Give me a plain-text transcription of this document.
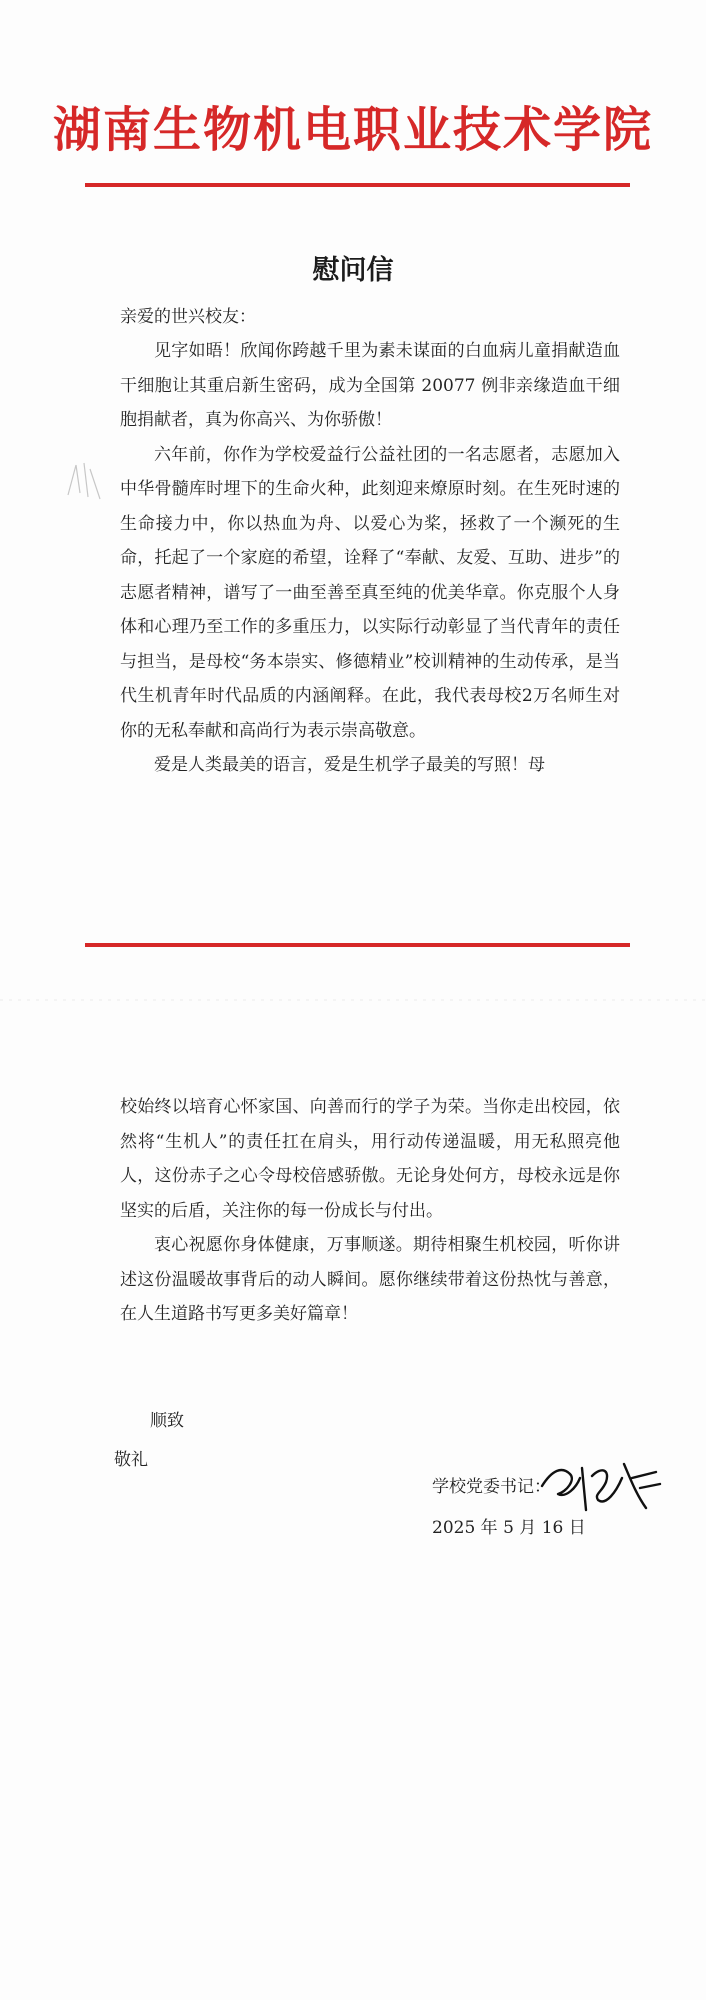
湖南生物机电职业技术学院
慰问信
亲爱的世兴校友：

见字如晤！欣闻你跨越千里为素未谋面的白血病儿童捐献造血干细胞让其重启新生密码，成为全国第 20077 例非亲缘造血干细胞捐献者，真为你高兴、为你骄傲！

六年前，你作为学校爱益行公益社团的一名志愿者，志愿加入中华骨髓库时埋下的生命火种，此刻迎来燎原时刻。在生死时速的生命接力中，你以热血为舟、以爱心为桨，拯救了一个濒死的生命，托起了一个家庭的希望，诠释了“奉献、友爱、互助、进步”的志愿者精神，谱写了一曲至善至真至纯的优美华章。你克服个人身体和心理乃至工作的多重压力，以实际行动彰显了当代青年的责任与担当，是母校“务本崇实、修德精业”校训精神的生动传承，是当代生机青年时代品质的内涵阐释。在此，我代表母校2万名师生对你的无私奉献和高尚行为表示崇高敬意。

爱是人类最美的语言，爱是生机学子最美的写照！母

校始终以培育心怀家国、向善而行的学子为荣。当你走出校园，依然将“生机人”的责任扛在肩头，用行动传递温暖，用无私照亮他人，这份赤子之心令母校倍感骄傲。无论身处何方，母校永远是你坚实的后盾，关注你的每一份成长与付出。

衷心祝愿你身体健康，万事顺遂。期待相聚生机校园，听你讲述这份温暖故事背后的动人瞬间。愿你继续带着这份热忱与善意，在人生道路书写更多美好篇章！

顺致
敬礼
学校党委书记：
2025 年 5 月 16 日
